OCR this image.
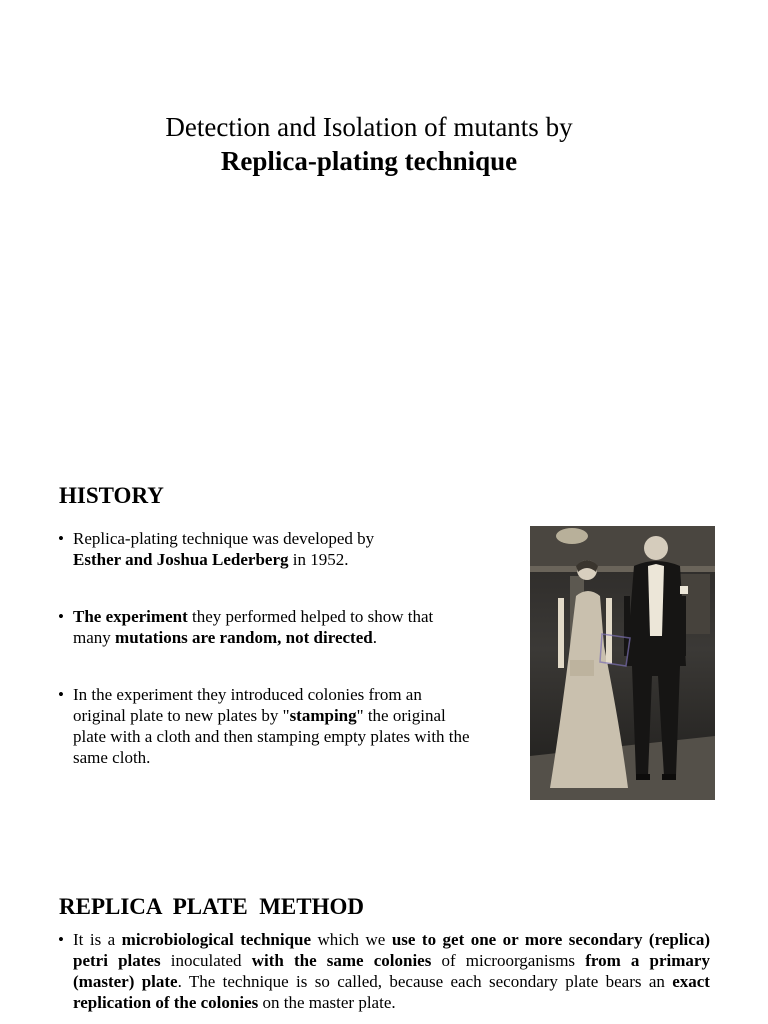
Detection and Isolation of mutants by
Replica-plating technique
HISTORY
• Replica-plating technique was developed by
Esther and Joshua Lederberg in 1952.
• The experiment they performed helped to show that many mutations are random, not directed.
• In the experiment they introduced colonies from an original plate to new plates by "stamping" the original plate with a cloth and then stamping empty plates with the same cloth.
REPLICA  PLATE  METHOD
• It is a microbiological technique which we use to get one or more secondary (replica) petri plates inoculated with the same colonies of microorganisms from a primary (master) plate. The technique is so called, because each secondary plate bears an exact replication of the colonies on the master plate.
